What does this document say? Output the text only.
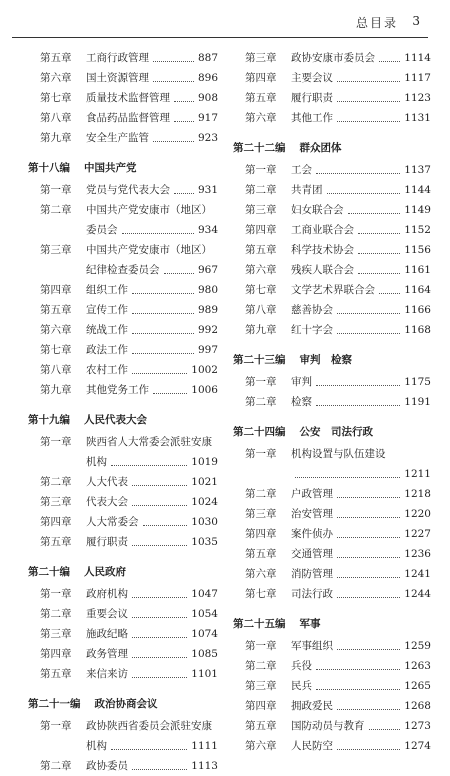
总目录 3
第五章	工商行政管理	887
第六章	国土资源管理	896
第七章	质量技术监督管理	908
第八章	食品药品监督管理	917
第九章	安全生产监管	923
第十八编 中国共产党
第一章	党员与党代表大会	931
第二章	中国共产党安康市（地区）
委员会	934
第三章	中国共产党安康市（地区）
纪律检查委员会	967
第四章	组织工作	980
第五章	宣传工作	989
第六章	统战工作	992
第七章	政法工作	997
第八章	农村工作	1002
第九章	其他党务工作	1006
第十九编 人民代表大会
第一章	陕西省人大常委会派驻安康
机构	1019
第二章	人大代表	1021
第三章	代表大会	1024
第四章	人大常委会	1030
第五章	履行职责	1035
第二十编 人民政府
第一章	政府机构	1047
第二章	重要会议	1054
第三章	施政纪略	1074
第四章	政务管理	1085
第五章	来信来访	1101
第二十一编 政治协商会议
第一章	政协陕西省委员会派驻安康
机构	1111
第二章	政协委员	1113
第三章	政协安康市委员会	1114
第四章	主要会议	1117
第五章	履行职责	1123
第六章	其他工作	1131
第二十二编 群众团体
第一章	工会	1137
第二章	共青团	1144
第三章	妇女联合会	1149
第四章	工商业联合会	1152
第五章	科学技术协会	1156
第六章	残疾人联合会	1161
第七章	文学艺术界联合会	1164
第八章	慈善协会	1166
第九章	红十字会	1168
第二十三编 审判　检察
第一章	审判	1175
第二章	检察	1191
第二十四编 公安　司法行政
第一章	机构设置与队伍建设
1211
第二章	户政管理	1218
第三章	治安管理	1220
第四章	案件侦办	1227
第五章	交通管理	1236
第六章	消防管理	1241
第七章	司法行政	1244
第二十五编 军事
第一章	军事组织	1259
第二章	兵役	1263
第三章	民兵	1265
第四章	拥政爱民	1268
第五章	国防动员与教育	1273
第六章	人民防空	1274
